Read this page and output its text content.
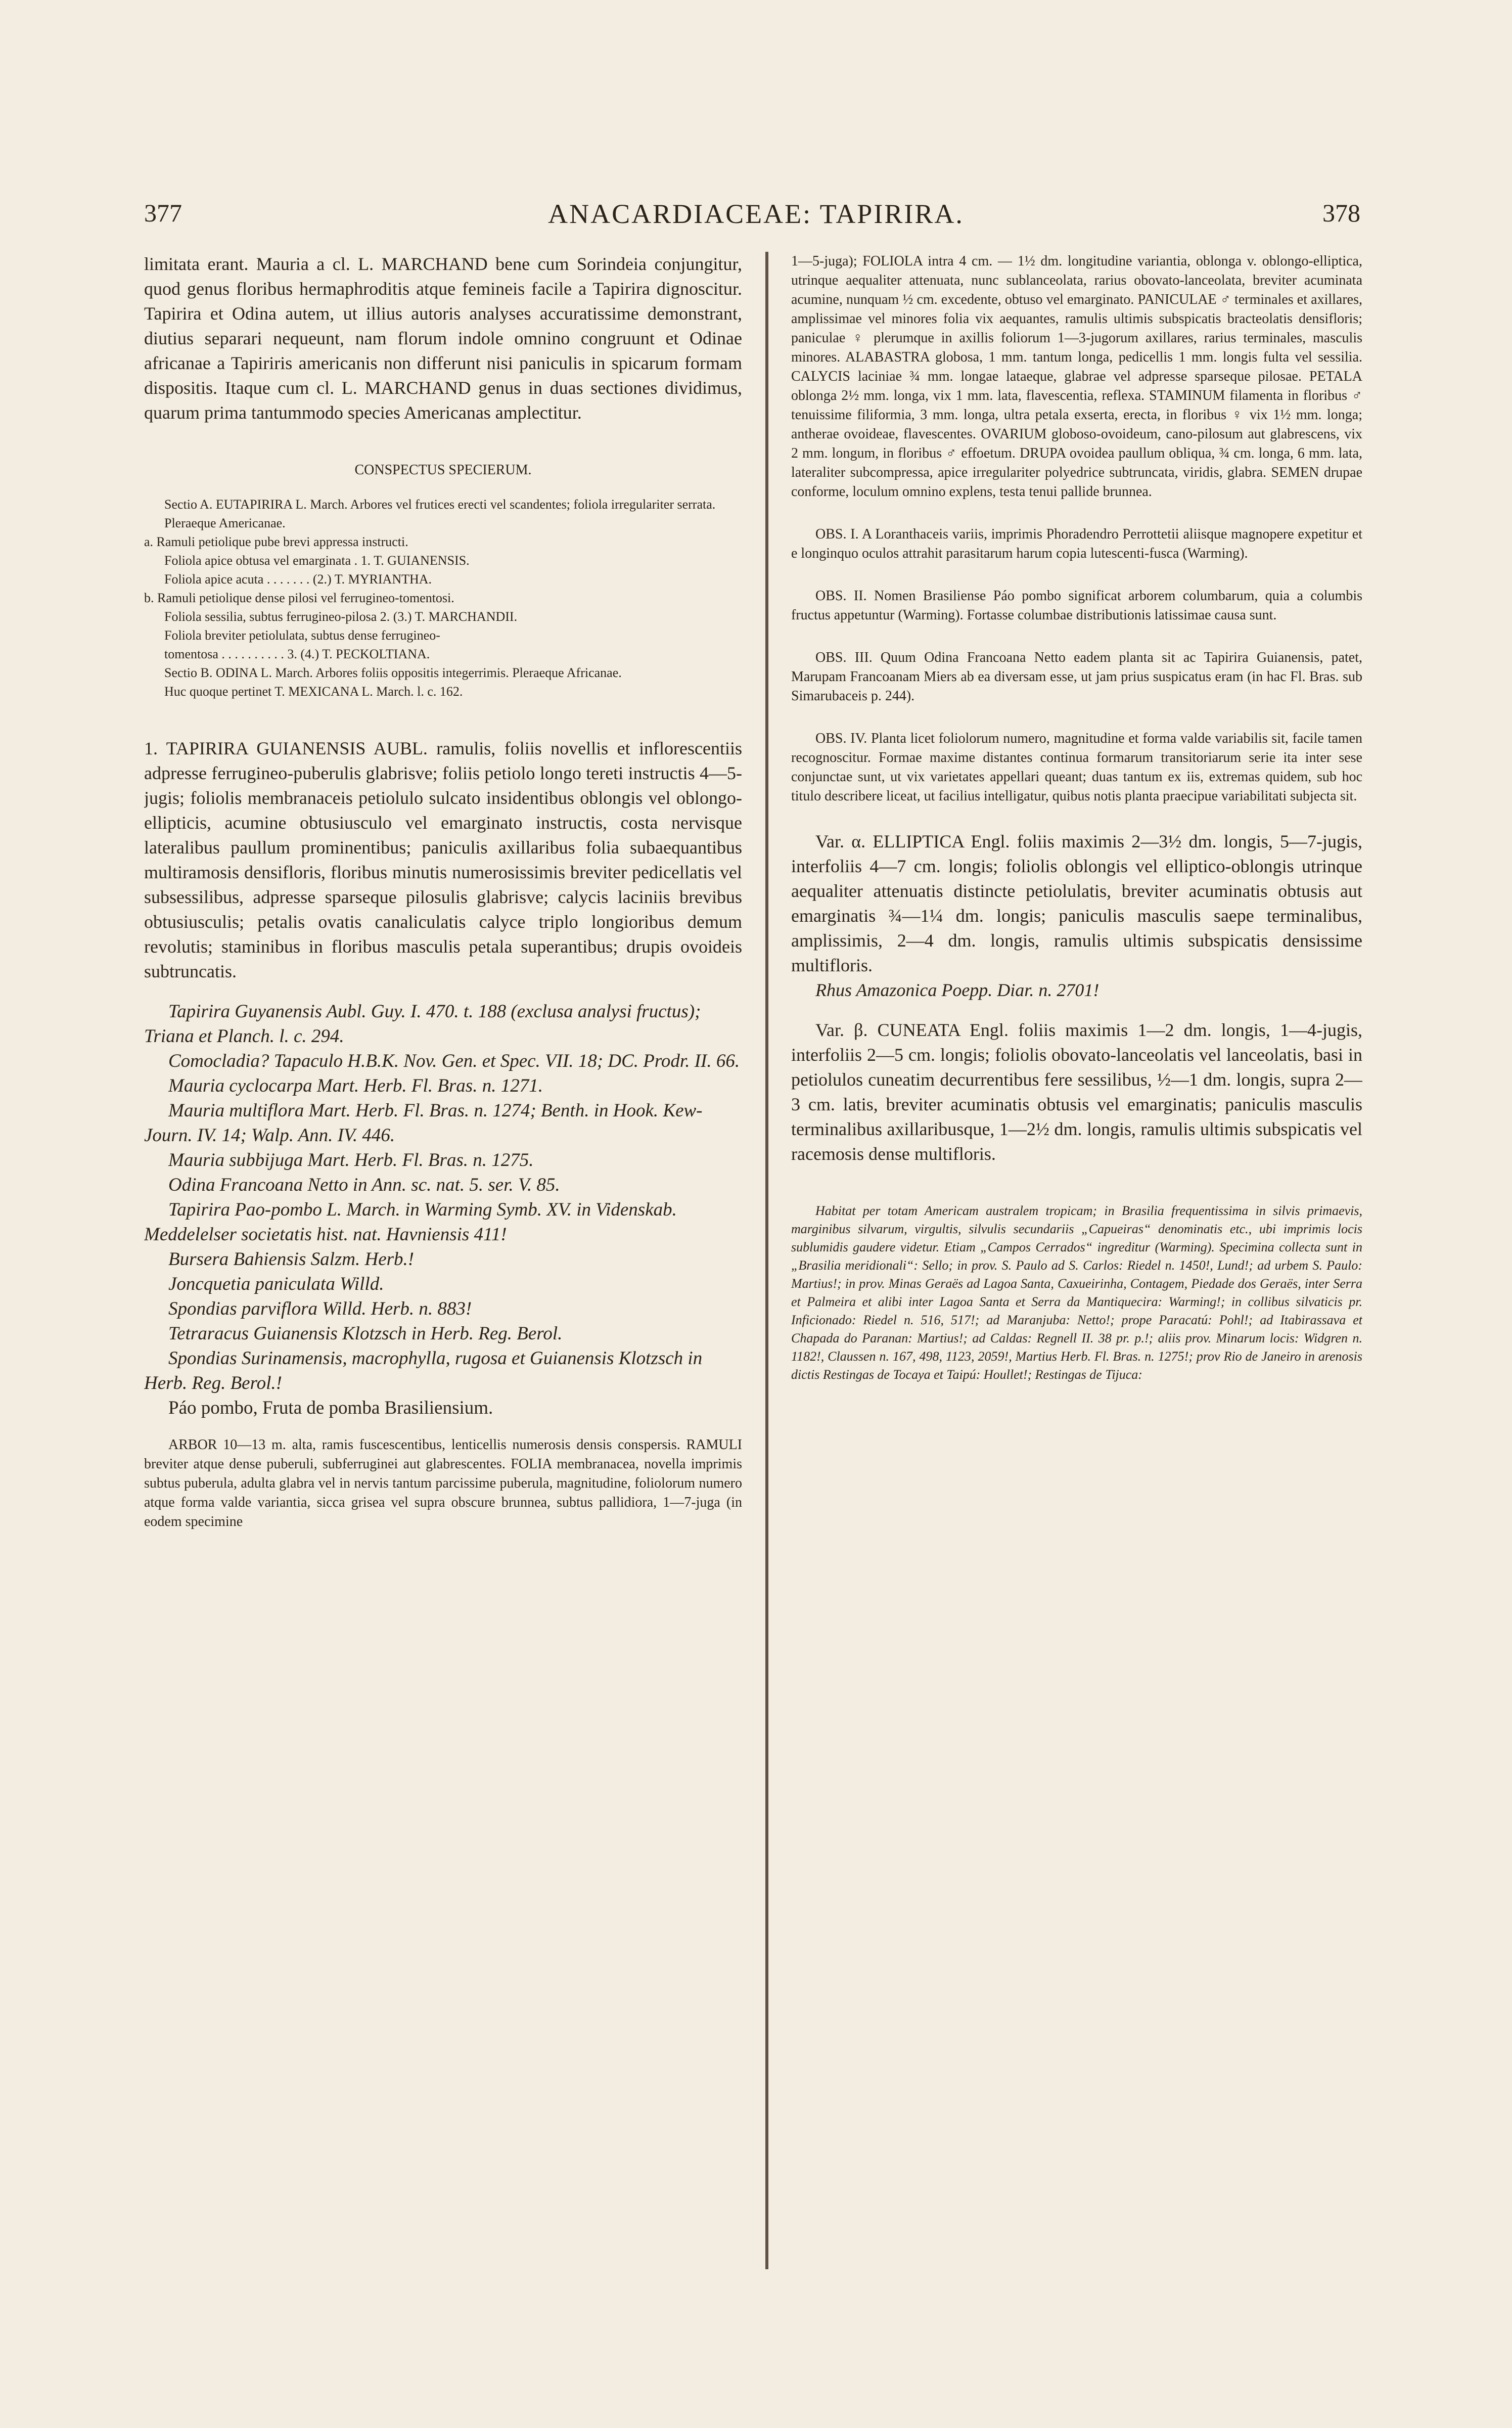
377	ANACARDIACEAE: TAPIRIRA.	378

limitata erant. Mauria a cl. L. MARCHAND bene cum Sorindeia conjungitur, quod genus floribus hermaphroditis atque femineis facile a Tapirira dignoscitur. Tapirira et Odina autem, ut illius autoris analyses accuratissime demonstrant, diutius separari nequeunt, nam florum indole omnino congruunt et Odinae africanae a Tapiriris americanis non differunt nisi paniculis in spicarum formam dispositis. Itaque cum cl. L. MARCHAND genus in duas sectiones dividimus, quarum prima tantummodo species Americanas amplectitur.

CONSPECTUS SPECIERUM.

Sectio A. EUTAPIRIRA L. March. Arbores vel frutices erecti vel scandentes; foliola irregulariter serrata. Pleraeque Americanae.
a. Ramuli petiolique pube brevi appressa instructi.
Foliola apice obtusa vel emarginata . 1. T. GUIANENSIS.
Foliola apice acuta . . . . . . . (2.) T. MYRIANTHA.
b. Ramuli petiolique dense pilosi vel ferrugineo-tomentosi.
Foliola sessilia, subtus ferrugineo-pilosa 2. (3.) T. MARCHANDII.
Foliola breviter petiolulata, subtus dense ferrugineo-
tomentosa . . . . . . . . . . 3. (4.) T. PECKOLTIANA.
Sectio B. ODINA L. March. Arbores foliis oppositis integerrimis. Pleraeque Africanae.
Huc quoque pertinet T. MEXICANA L. March. l. c. 162.

1. TAPIRIRA GUIANENSIS AUBL. ramulis, foliis novellis et inflorescentiis adpresse ferrugineo-puberulis glabrisve; foliis petiolo longo tereti instructis 4—5-jugis; foliolis membranaceis petiolulo sulcato insidentibus oblongis vel oblongo-ellipticis, acumine obtusiusculo vel emarginato instructis, costa nervisque lateralibus paullum prominentibus; paniculis axillaribus folia subaequantibus multiramosis densifloris, floribus minutis numerosissimis breviter pedicellatis vel subsessilibus, adpresse sparseque pilosulis glabrisve; calycis laciniis brevibus obtusiusculis; petalis ovatis canaliculatis calyce triplo longioribus demum revolutis; staminibus in floribus masculis petala superantibus; drupis ovoideis subtruncatis.

Tapirira Guyanensis Aubl. Guy. I. 470. t. 188 (exclusa analysi fructus); Triana et Planch. l. c. 294.
Comocladia? Tapaculo H.B.K. Nov. Gen. et Spec. VII. 18; DC. Prodr. II. 66.
Mauria cyclocarpa Mart. Herb. Fl. Bras. n. 1271.
Mauria multiflora Mart. Herb. Fl. Bras. n. 1274; Benth. in Hook. Kew-Journ. IV. 14; Walp. Ann. IV. 446.
Mauria subbijuga Mart. Herb. Fl. Bras. n. 1275.
Odina Francoana Netto in Ann. sc. nat. 5. ser. V. 85.
Tapirira Pao-pombo L. March. in Warming Symb. XV. in Videnskab. Meddelelser societatis hist. nat. Havniensis 411!
Bursera Bahiensis Salzm. Herb.!
Joncquetia paniculata Willd.
Spondias parviflora Willd. Herb. n. 883!
Tetraracus Guianensis Klotzsch in Herb. Reg. Berol.
Spondias Surinamensis, macrophylla, rugosa et Guianensis Klotzsch in Herb. Reg. Berol.!
Páo pombo, Fruta de pomba Brasiliensium.

ARBOR 10—13 m. alta, ramis fuscescentibus, lenticellis numerosis densis conspersis. RAMULI breviter atque dense puberuli, subferruginei aut glabrescentes. FOLIA membranacea, novella imprimis subtus puberula, adulta glabra vel in nervis tantum parcissime puberula, magnitudine, foliolorum numero atque forma valde variantia, sicca grisea vel supra obscure brunnea, subtus pallidiora, 1—7-juga (in eodem specimine

1—5-juga); FOLIOLA intra 4 cm. — 1½ dm. longitudine variantia, oblonga v. oblongo-elliptica, utrinque aequaliter attenuata, nunc sublanceolata, rarius obovato-lanceolata, breviter acuminata acumine, nunquam ½ cm. excedente, obtuso vel emarginato. PANICULAE ♂ terminales et axillares, amplissimae vel minores folia vix aequantes, ramulis ultimis subspicatis bracteolatis densifloris; paniculae ♀ plerumque in axillis foliorum 1—3-jugorum axillares, rarius terminales, masculis minores. ALABASTRA globosa, 1 mm. tantum longa, pedicellis 1 mm. longis fulta vel sessilia. CALYCIS laciniae ¾ mm. longae lataeque, glabrae vel adpresse sparseque pilosae. PETALA oblonga 2½ mm. longa, vix 1 mm. lata, flavescentia, reflexa. STAMINUM filamenta in floribus ♂ tenuissime filiformia, 3 mm. longa, ultra petala exserta, erecta, in floribus ♀ vix 1½ mm. longa; antherae ovoideae, flavescentes. OVARIUM globoso-ovoideum, cano-pilosum aut glabrescens, vix 2 mm. longum, in floribus ♂ effoetum. DRUPA ovoidea paullum obliqua, ¾ cm. longa, 6 mm. lata, lateraliter subcompressa, apice irregulariter polyedrice subtruncata, viridis, glabra. SEMEN drupae conforme, loculum omnino explens, testa tenui pallide brunnea.

OBS. I. A Loranthaceis variis, imprimis Phoradendro Perrottetii aliisque magnopere expetitur et e longinquo oculos attrahit parasitarum harum copia lutescenti-fusca (Warming).

OBS. II. Nomen Brasiliense Páo pombo significat arborem columbarum, quia a columbis fructus appetuntur (Warming). Fortasse columbae distributionis latissimae causa sunt.

OBS. III. Quum Odina Francoana Netto eadem planta sit ac Tapirira Guianensis, patet, Marupam Francoanam Miers ab ea diversam esse, ut jam prius suspicatus eram (in hac Fl. Bras. sub Simarubaceis p. 244).

OBS. IV. Planta licet foliolorum numero, magnitudine et forma valde variabilis sit, facile tamen recognoscitur. Formae maxime distantes continua formarum transitoriarum serie ita inter sese conjunctae sunt, ut vix varietates appellari queant; duas tantum ex iis, extremas quidem, sub hoc titulo describere liceat, ut facilius intelligatur, quibus notis planta praecipue variabilitati subjecta sit.

Var. α. ELLIPTICA Engl. foliis maximis 2—3½ dm. longis, 5—7-jugis, interfoliis 4—7 cm. longis; foliolis oblongis vel elliptico-oblongis utrinque aequaliter attenuatis distincte petiolulatis, breviter acuminatis obtusis aut emarginatis ¾—1¼ dm. longis; paniculis masculis saepe terminalibus, amplissimis, 2—4 dm. longis, ramulis ultimis subspicatis densissime multifloris.

Rhus Amazonica Poepp. Diar. n. 2701!

Var. β. CUNEATA Engl. foliis maximis 1—2 dm. longis, 1—4-jugis, interfoliis 2—5 cm. longis; foliolis obovato-lanceolatis vel lanceolatis, basi in petiolulos cuneatim decurrentibus fere sessilibus, ½—1 dm. longis, supra 2—3 cm. latis, breviter acuminatis obtusis vel emarginatis; paniculis masculis terminalibus axillaribusque, 1—2½ dm. longis, ramulis ultimis subspicatis vel racemosis dense multifloris.

Habitat per totam Americam australem tropicam; in Brasilia frequentissima in silvis primaevis, marginibus silvarum, virgultis, silvulis secundariis „Capueiras“ denominatis etc., ubi imprimis locis sublumidis gaudere videtur. Etiam „Campos Cerrados“ ingreditur (Warming). Specimina collecta sunt in „Brasilia meridionali“: Sello; in prov. S. Paulo ad S. Carlos: Riedel n. 1450!, Lund!; ad urbem S. Paulo: Martius!; in prov. Minas Geraës ad Lagoa Santa, Caxueirinha, Contagem, Piedade dos Geraës, inter Serra et Palmeira et alibi inter Lagoa Santa et Serra da Mantiquecira: Warming!; in collibus silvaticis pr. Inficionado: Riedel n. 516, 517!; ad Maranjuba: Netto!; prope Paracatú: Pohl!; ad Itabirassava et Chapada do Paranan: Martius!; ad Caldas: Regnell II. 38 pr. p.!; aliis prov. Minarum locis: Widgren n. 1182!, Claussen n. 167, 498, 1123, 2059!, Martius Herb. Fl. Bras. n. 1275!; prov Rio de Janeiro in arenosis dictis Restingas de Tocaya et Taipú: Houllet!; Restingas de Tijuca:
